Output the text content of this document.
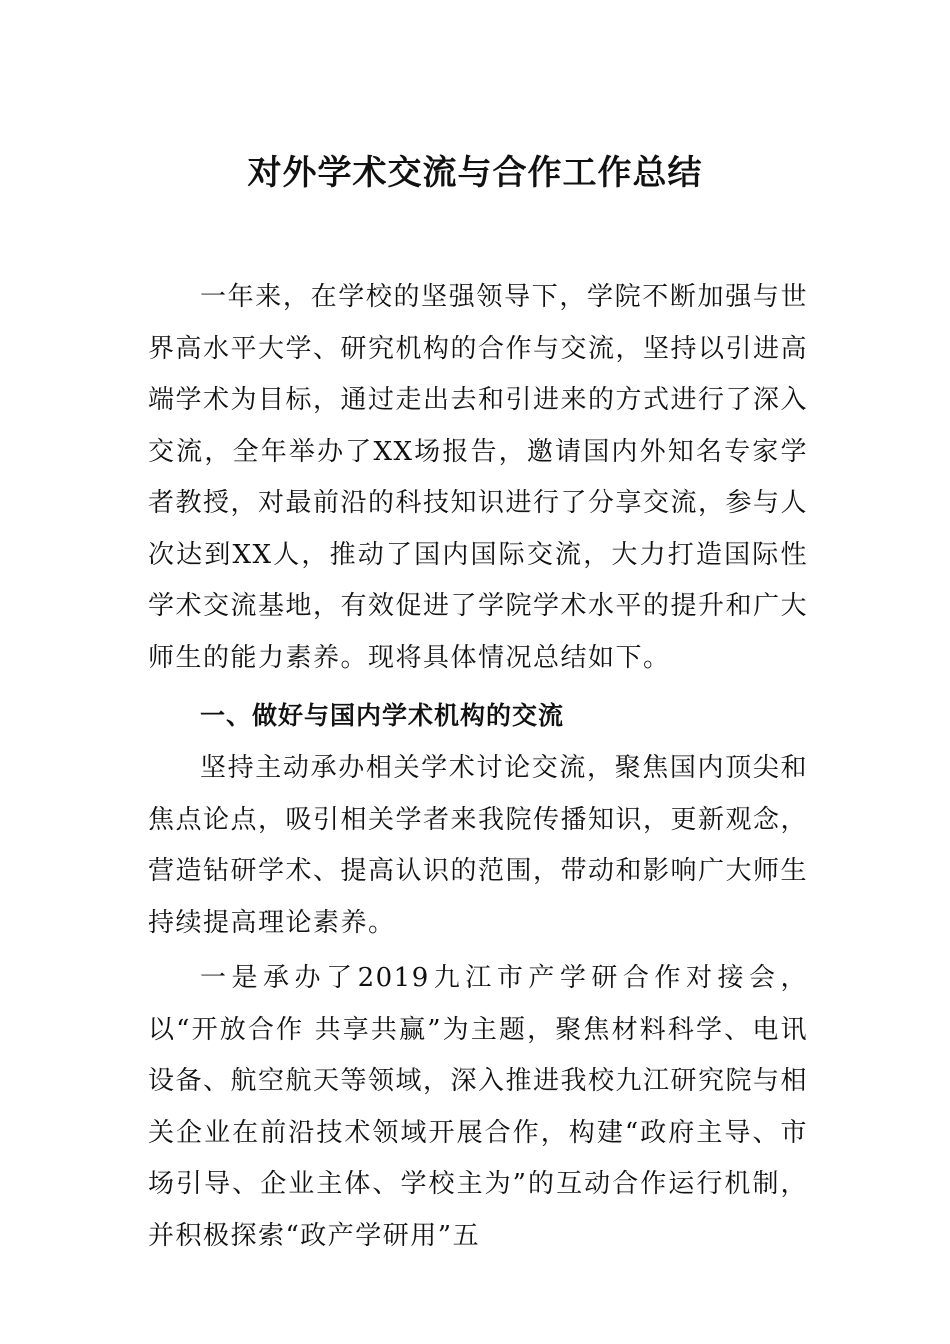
对外学术交流与合作工作总结

一年来，在学校的坚强领导下，学院不断加强与世界高水平大学、研究机构的合作与交流，坚持以引进高端学术为目标，通过走出去和引进来的方式进行了深入交流，全年举办了XX场报告，邀请国内外知名专家学者教授，对最前沿的科技知识进行了分享交流，参与人次达到XX人，推动了国内国际交流，大力打造国际性学术交流基地，有效促进了学院学术水平的提升和广大师生的能力素养。现将具体情况总结如下。

一、做好与国内学术机构的交流

坚持主动承办相关学术讨论交流，聚焦国内顶尖和焦点论点，吸引相关学者来我院传播知识，更新观念，营造钻研学术、提高认识的范围，带动和影响广大师生持续提高理论素养。

一是承办了2019九江市产学研合作对接会，以“开放合作 共享共赢”为主题，聚焦材料科学、电讯设备、航空航天等领域，深入推进我校九江研究院与相关企业在前沿技术领域开展合作，构建“政府主导、市场引导、企业主体、学校主为”的互动合作运行机制，并积极探索“政产学研用”五
